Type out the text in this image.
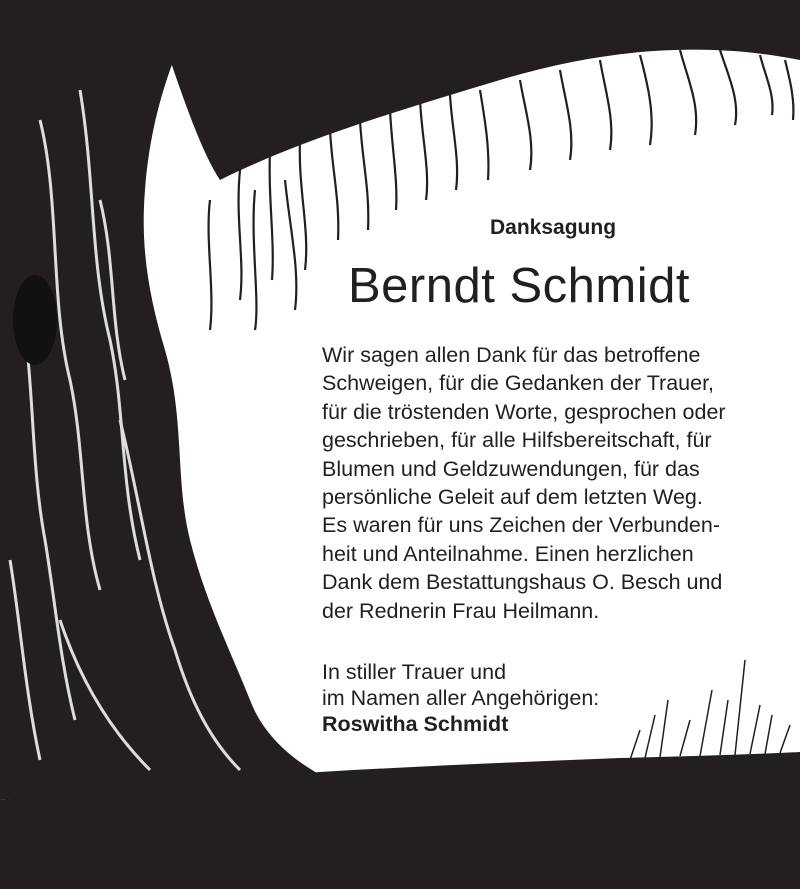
Danksagung
Berndt Schmidt
Wir sagen allen Dank für das betroffene
Schweigen, für die Gedanken der Trauer,
für die tröstenden Worte, gesprochen oder
geschrieben, für alle Hilfsbereitschaft, für
Blumen und Geldzuwendungen, für das
persönliche Geleit auf dem letzten Weg.
Es waren für uns Zeichen der Verbunden-
heit und Anteilnahme. Einen herzlichen
Dank dem Bestattungshaus O. Besch und
der Rednerin Frau Heilmann.
In stiller Trauer und
im Namen aller Angehörigen:
Roswitha Schmidt
